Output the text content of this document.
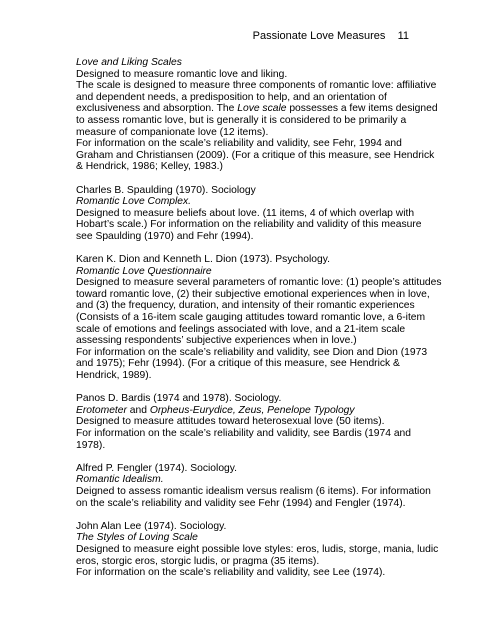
Passionate Love Measures 11
Love and Liking Scales
Designed to measure romantic love and liking.
The scale is designed to measure three components of romantic love: affiliative
and dependent needs, a predisposition to help, and an orientation of
exclusiveness and absorption. The Love scale possesses a few items designed
to assess romantic love, but is generally it is considered to be primarily a
measure of companionate love (12 items).
For information on the scale’s reliability and validity, see Fehr, 1994 and
Graham and Christiansen (2009). (For a critique of this measure, see Hendrick
& Hendrick, 1986; Kelley, 1983.)
Charles B. Spaulding (1970). Sociology
Romantic Love Complex.
Designed to measure beliefs about love. (11 items, 4 of which overlap with
Hobart’s scale.) For information on the reliability and validity of this measure
see Spaulding (1970) and Fehr (1994).
Karen K. Dion and Kenneth L. Dion (1973). Psychology.
Romantic Love Questionnaire
Designed to measure several parameters of romantic love: (1) people’s attitudes
toward romantic love, (2) their subjective emotional experiences when in love,
and (3) the frequency, duration, and intensity of their romantic experiences
(Consists of a 16-item scale gauging attitudes toward romantic love, a 6-item
scale of emotions and feelings associated with love, and a 21-item scale
assessing respondents’ subjective experiences when in love.)
For information on the scale’s reliability and validity, see Dion and Dion (1973
and 1975); Fehr (1994). (For a critique of this measure, see Hendrick &
Hendrick, 1989).
Panos D. Bardis (1974 and 1978). Sociology.
Erotometer and Orpheus-Eurydice, Zeus, Penelope Typology
Designed to measure attitudes toward heterosexual love (50 items).
For information on the scale’s reliability and validity, see Bardis (1974 and
1978).
Alfred P. Fengler (1974). Sociology.
Romantic Idealism.
Deigned to assess romantic idealism versus realism (6 items). For information
on the scale’s reliability and validity see Fehr (1994) and Fengler (1974).
John Alan Lee (1974). Sociology.
The Styles of Loving Scale
Designed to measure eight possible love styles: eros, ludis, storge, mania, ludic
eros, storgic eros, storgic ludis, or pragma (35 items).
For information on the scale’s reliability and validity, see Lee (1974).
